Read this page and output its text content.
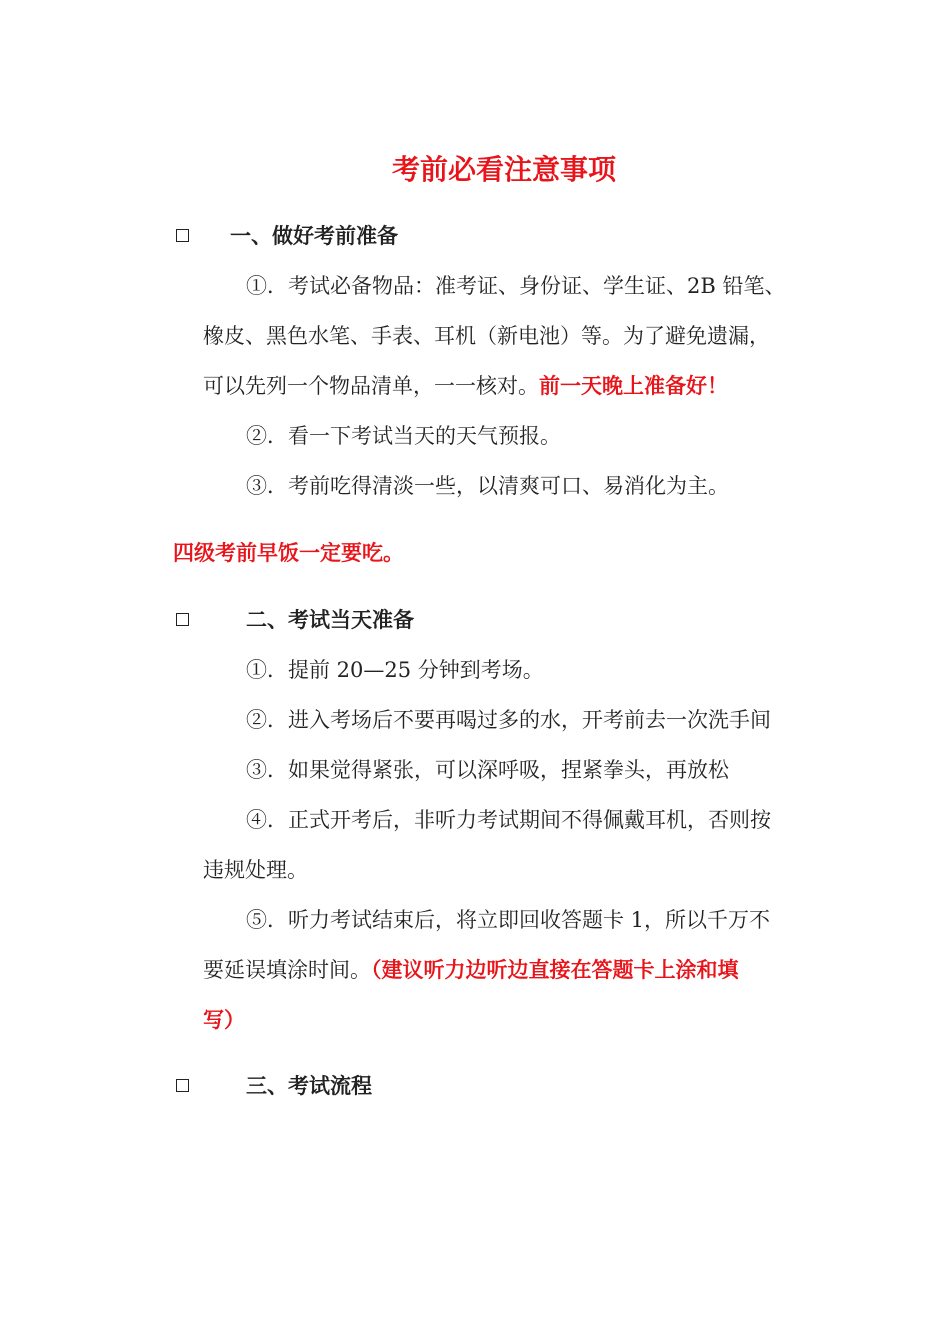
考前必看注意事项
一、做好考前准备
①．考试必备物品：准考证、身份证、学生证、2B 铅笔、
橡皮、黑色水笔、手表、耳机（新电池）等。为了避免遗漏，
可以先列一个物品清单，一一核对。前一天晚上准备好！
②．看一下考试当天的天气预报。
③．考前吃得清淡一些，以清爽可口、易消化为主。
四级考前早饭一定要吃。
二、考试当天准备
①．提前 20—25 分钟到考场。
②．进入考场后不要再喝过多的水，开考前去一次洗手间
③．如果觉得紧张，可以深呼吸，捏紧拳头，再放松
④．正式开考后，非听力考试期间不得佩戴耳机，否则按
违规处理。
⑤．听力考试结束后，将立即回收答题卡 1，所以千万不
要延误填涂时间。（建议听力边听边直接在答题卡上涂和填
写）
三、考试流程
